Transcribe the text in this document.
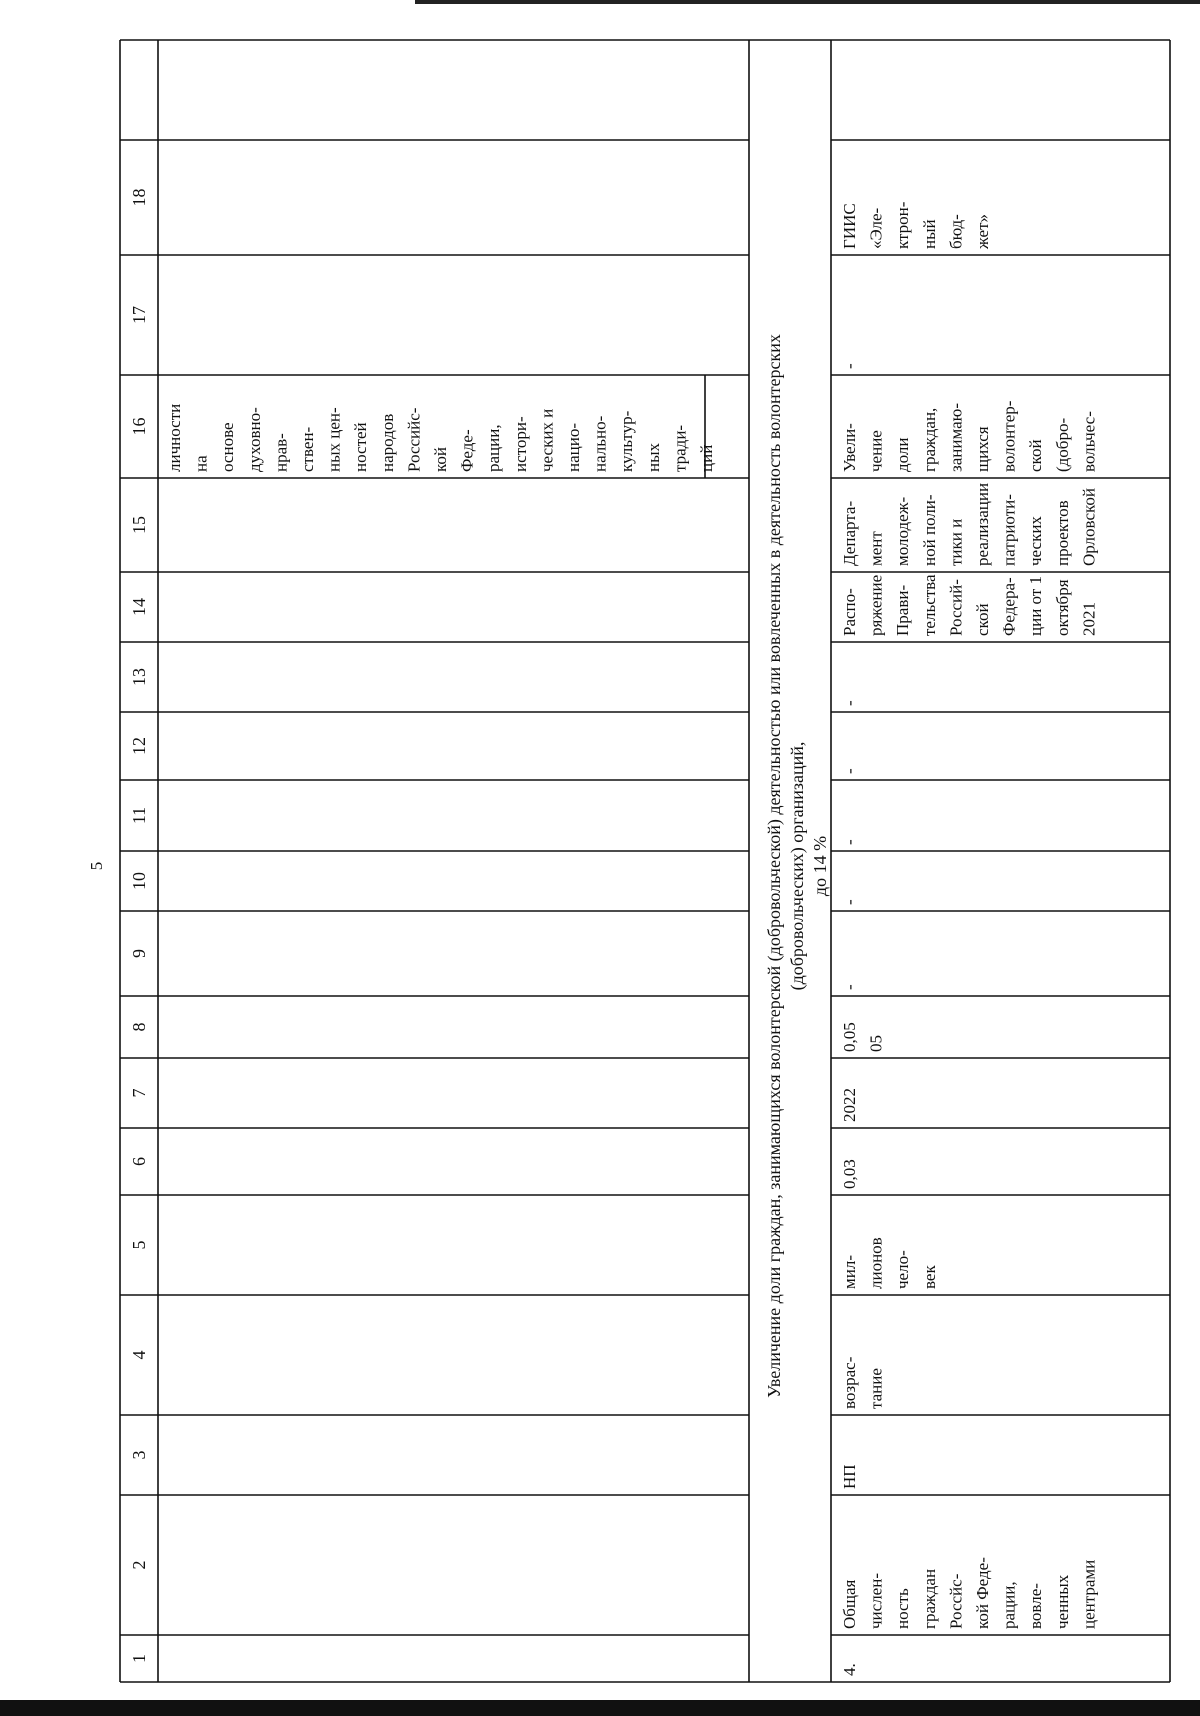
5
1
2
3
4
5
6
7
8
9
10
11
12
13
14
15
16
17
18
личности на основе духовно- нрав- ствен- ных цен- ностей народов Российс- кой Феде- рации, истори- ческих и нацио- нально- культур- ных тради- ций	Увеличение доли граждан, занимающихся волонтерской (добровольческой) деятельностью или вовлеченных в деятельность волонтерских (добровольческих) организаций, до 14 %
4.
Общая числен- ность граждан Россйс- кой Феде- рации, вовле- ченных центрами
НП
возрас- тание
мил- лионов чело- век
0,03
2022
0,05 05
-
-
-
-
-
Распо- ряжение Прави- тельства Россий- ской Федера- ции от 1 октября 2021
Департа- мент молодеж- ной поли- тики и реализации патриоти- ческих проектов Орловской
Увели- чение доли граждан, занимаю- щихся волонтер- ской (добро- вольчес-
-
ГИИС «Эле- ктрон- ный бюд- жет»
